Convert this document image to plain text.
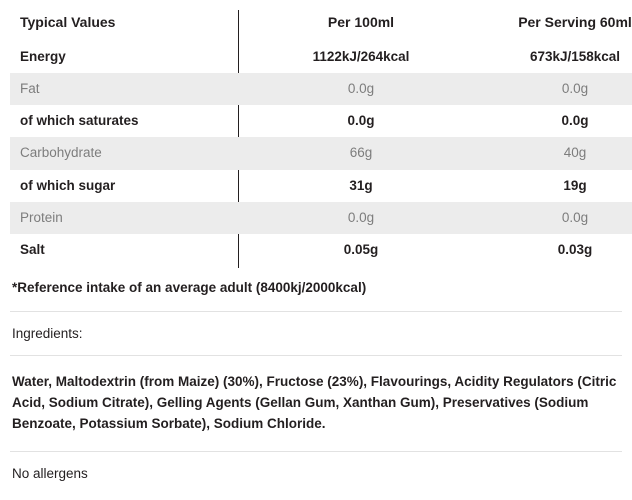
Typical Values	Per 100ml	Per Serving 60ml
Energy	1122kJ/264kcal	673kJ/158kcal
Fat	0.0g	0.0g
of which saturates	0.0g	0.0g
Carbohydrate	66g	40g
of which sugar	31g	19g
Protein	0.0g	0.0g
Salt	0.05g	0.03g
*Reference intake of an average adult (8400kj/2000kcal)
Ingredients:
Water, Maltodextrin (from Maize) (30%), Fructose (23%), Flavourings, Acidity Regulators (Citric Acid, Sodium Citrate), Gelling Agents (Gellan Gum, Xanthan Gum), Preservatives (Sodium Benzoate, Potassium Sorbate), Sodium Chloride.
No allergens
